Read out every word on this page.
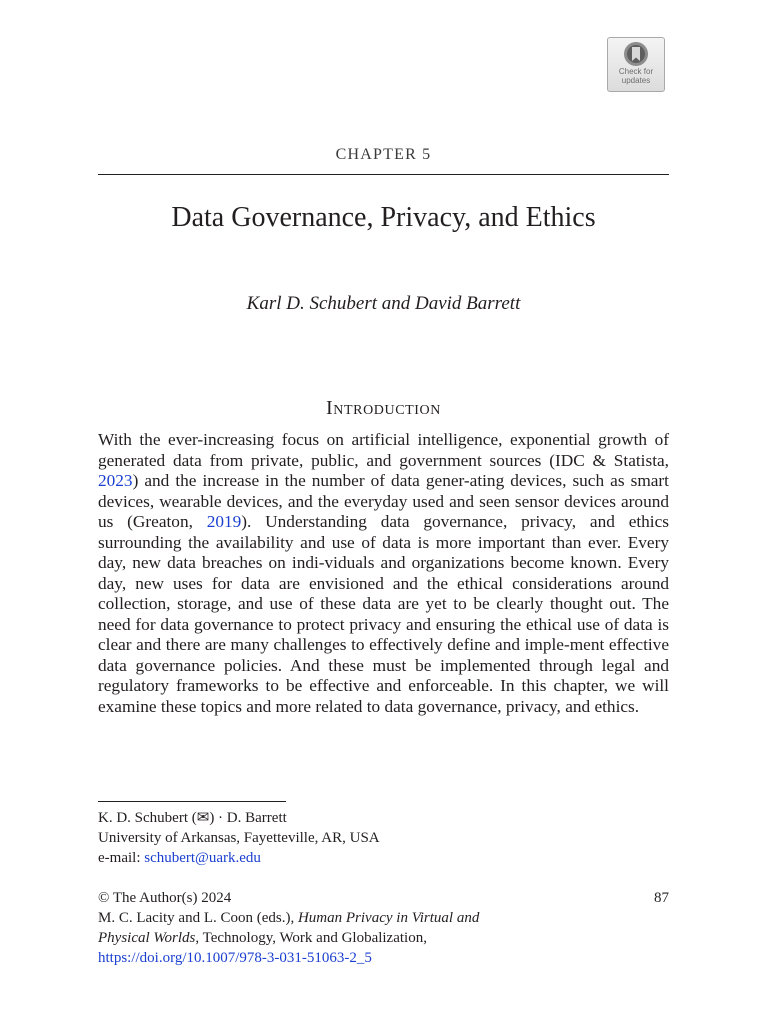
Check for
updates
CHAPTER 5
Data Governance, Privacy, and Ethics
Karl D. Schubert and David Barrett
Introduction

With the ever-increasing focus on artificial intelligence, exponential growth of generated data from private, public, and government sources (IDC & Statista, 2023) and the increase in the number of data gener-ating devices, such as smart devices, wearable devices, and the everyday used and seen sensor devices around us (Greaton, 2019). Understanding data governance, privacy, and ethics surrounding the availability and use of data is more important than ever. Every day, new data breaches on indi-viduals and organizations become known. Every day, new uses for data are envisioned and the ethical considerations around collection, storage, and use of these data are yet to be clearly thought out. The need for data governance to protect privacy and ensuring the ethical use of data is clear and there are many challenges to effectively define and imple-ment effective data governance policies. And these must be implemented through legal and regulatory frameworks to be effective and enforceable. In this chapter, we will examine these topics and more related to data governance, privacy, and ethics.

K. D. Schubert (✉) · D. Barrett
University of Arkansas, Fayetteville, AR, USA
e-mail: schubert@uark.edu
© The Author(s) 2024	87
M. C. Lacity and L. Coon (eds.), Human Privacy in Virtual and
Physical Worlds, Technology, Work and Globalization,
https://doi.org/10.1007/978-3-031-51063-2_5
